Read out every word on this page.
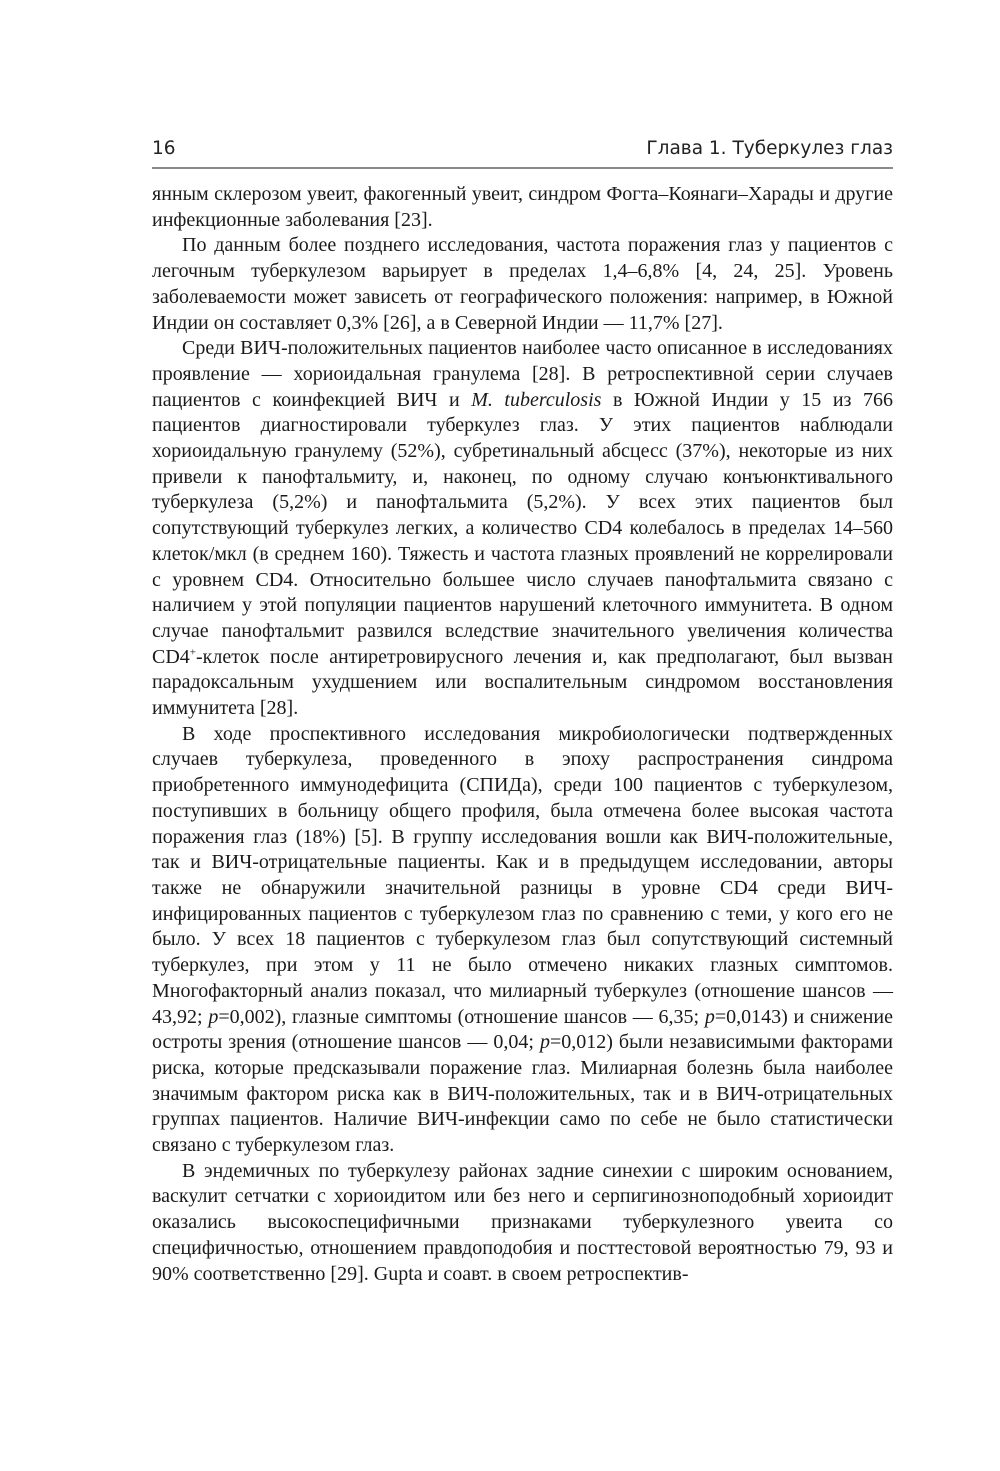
16	Глава 1. Туберкулез глаз

янным склерозом увеит, факогенный увеит, синдром Фогта–Коянаги–Харады и другие инфекционные заболевания [23].

По данным более позднего исследования, частота поражения глаз у пациентов с легочным туберкулезом варьирует в пределах 1,4–6,8% [4, 24, 25]. Уровень заболеваемости может зависеть от географического положения: например, в Южной Индии он составляет 0,3% [26], а в Северной Индии — 11,7% [27].

Среди ВИЧ-положительных пациентов наиболее часто описанное в исследованиях проявление — хориоидальная гранулема [28]. В ретроспективной серии случаев пациентов с коинфекцией ВИЧ и M. tuberculosis в Южной Индии у 15 из 766 пациентов диагностировали туберкулез глаз. У этих пациентов наблюдали хориоидальную гранулему (52%), субретинальный абсцесс (37%), некоторые из них привели к панофтальмиту, и, наконец, по одному случаю конъюнктивального туберкулеза (5,2%) и панофтальмита (5,2%). У всех этих пациентов был сопутствующий туберкулез легких, а количество CD4 колебалось в пределах 14–560 клеток/мкл (в среднем 160). Тяжесть и частота глазных проявлений не коррелировали с уровнем CD4. Относительно большее число случаев панофтальмита связано с наличием у этой популяции пациентов нарушений клеточного иммунитета. В одном случае панофтальмит развился вследствие значительного увеличения количества CD4+-клеток после антиретровирусного лечения и, как предполагают, был вызван парадоксальным ухудшением или воспалительным синдромом восстановления иммунитета [28].

В ходе проспективного исследования микробиологически подтвержденных случаев туберкулеза, проведенного в эпоху распространения синдрома приобретенного иммунодефицита (СПИДа), среди 100 пациентов с туберкулезом, поступивших в больницу общего профиля, была отмечена более высокая частота поражения глаз (18%) [5]. В группу исследования вошли как ВИЧ-положительные, так и ВИЧ-отрицательные пациенты. Как и в предыдущем исследовании, авторы также не обнаружили значительной разницы в уровне CD4 среди ВИЧ-инфицированных пациентов с туберкулезом глаз по сравнению с теми, у кого его не было. У всех 18 пациентов с туберкулезом глаз был сопутствующий системный туберкулез, при этом у 11 не было отмечено никаких глазных симптомов. Многофакторный анализ показал, что милиарный туберкулез (отношение шансов — 43,92; p=0,002), глазные симптомы (отношение шансов — 6,35; p=0,0143) и снижение остроты зрения (отношение шансов — 0,04; p=0,012) были независимыми факторами риска, которые предсказывали поражение глаз. Милиарная болезнь была наиболее значимым фактором риска как в ВИЧ-положительных, так и в ВИЧ-отрицательных группах пациентов. Наличие ВИЧ-инфекции само по себе не было статистически связано с туберкулезом глаз.

В эндемичных по туберкулезу районах задние синехии с широким основанием, васкулит сетчатки с хориоидитом или без него и серпигинозноподобный хориоидит оказались высокоспецифичными признаками туберкулезного увеита со специфичностью, отношением правдоподобия и посттестовой вероятностью 79, 93 и 90% соответственно [29]. Gupta и соавт. в своем ретроспектив-
